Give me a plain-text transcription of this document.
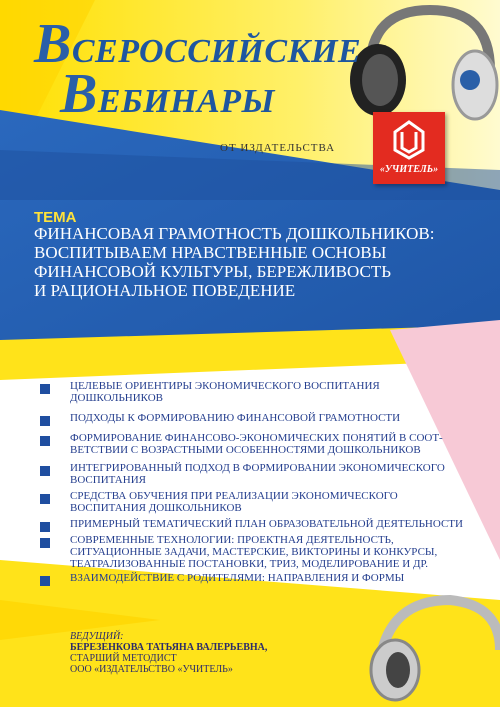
ВСЕРОССИЙСКИЕ
ВЕБИНАРЫ
ОТ ИЗДАТЕЛЬСТВА
«УЧИТЕЛЬ»
ТЕМА
ФИНАНСОВАЯ ГРАМОТНОСТЬ ДОШКОЛЬНИКОВ:
ВОСПИТЫВАЕМ НРАВСТВЕННЫЕ ОСНОВЫ
ФИНАНСОВОЙ КУЛЬТУРЫ, БЕРЕЖЛИВОСТЬ
И РАЦИОНАЛЬНОЕ ПОВЕДЕНИЕ
ЦЕЛЕВЫЕ ОРИЕНТИРЫ ЭКОНОМИЧЕСКОГО ВОСПИТАНИЯ ДОШКОЛЬНИКОВ
ПОДХОДЫ К ФОРМИРОВАНИЮ ФИНАНСОВОЙ ГРАМОТНОСТИ
ФОРМИРОВАНИЕ ФИНАНСОВО-ЭКОНОМИЧЕСКИХ ПОНЯТИЙ В СООТ-ВЕТСТВИИ С ВОЗРАСТНЫМИ ОСОБЕННОСТЯМИ ДОШКОЛЬНИКОВ
ИНТЕГРИРОВАННЫЙ ПОДХОД В ФОРМИРОВАНИИ ЭКОНОМИЧЕСКОГО ВОСПИТАНИЯ
СРЕДСТВА ОБУЧЕНИЯ ПРИ РЕАЛИЗАЦИИ ЭКОНОМИЧЕСКОГО ВОСПИТАНИЯ ДОШКОЛЬНИКОВ
ПРИМЕРНЫЙ ТЕМАТИЧЕСКИЙ ПЛАН ОБРАЗОВАТЕЛЬНОЙ ДЕЯТЕЛЬНОСТИ
СОВРЕМЕННЫЕ ТЕХНОЛОГИИ: ПРОЕКТНАЯ ДЕЯТЕЛЬНОСТЬ, СИТУАЦИОННЫЕ ЗАДАЧИ, МАСТЕРСКИЕ, ВИКТОРИНЫ И КОНКУРСЫ, ТЕАТРАЛИЗОВАННЫЕ ПОСТАНОВКИ, ТРИЗ, МОДЕЛИРОВАНИЕ И ДР.
ВЗАИМОДЕЙСТВИЕ С РОДИТЕЛЯМИ: НАПРАВЛЕНИЯ И ФОРМЫ
ВЕДУЩИЙ:
БЕРЕЗЕНКОВА ТАТЬЯНА ВАЛЕРЬЕВНА,
СТАРШИЙ МЕТОДИСТ
ООО «ИЗДАТЕЛЬСТВО «УЧИТЕЛЬ»
